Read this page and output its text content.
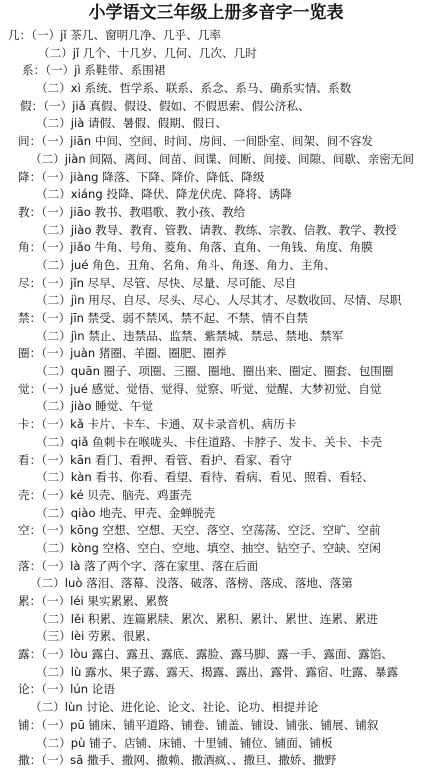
小学语文三年级上册多音字一览表
几：（一）jǐ 茶几、窗明几净、几乎、几率
（二）jǐ 几个、十几岁、几何、几次、几时
系：（一）jì 系鞋带、系围裙
（二）xì 系统、哲学系、联系、系念、系马、确系实情、系数
假：（一）jiǎ 真假、假设、假如、不假思索、假公济私、
（二）jià 请假、暑假、假期、假日、
间：（一）jiān 中间、空间、时间、房间、一间卧室、间架、间不容发
（二）jiàn 间隔、离间、间苗、间谍、间断、间接、间隙、间歇、亲密无间
降：（一）jiàng 降落、下降、降价、降低、降级
（二）xiáng 投降、降伏、降龙伏虎、降将、诱降
教：（一）jiāo 教书、教唱歌、教小孩、教给
（二）jiào 教导、教育、管教、请教、教练、宗教、信教、教学、教授
角：（一）jiǎo 牛角、号角、菱角、角落、直角、一角钱、角度、角膜
（二）jué 角色、丑角、名角、角斗、角逐、角力、主角、
尽：（一）jǐn 尽早、尽管、尽快、尽量、尽可能、尽自
（二）jìn 用尽、自尽、尽头、尽心、人尽其才、尽数收回、尽情、尽职
禁：（一）jīn 禁受、弱不禁风、禁不起、不禁、情不自禁
（二）jìn 禁止、违禁品、监禁、紫禁城、禁忌、禁地、禁军
圈：（一）juàn 猪圈、羊圈、圈肥、圈养
（二）quān 圈子、项圈、三圈、圈地、圈出来、圈定、圈套、包围圈
觉：（一）jué 感觉、觉悟、觉得、觉察、听觉、觉醒、大梦初觉、自觉
（二）jiào 睡觉、午觉
卡：（一）kǎ 卡片、卡车、卡通、双卡录音机、病历卡
（二）qiǎ 鱼刺卡在喉咙头、卡住道路、卡脖子、发卡、关卡、卡壳
看：（一）kān 看门、看押、看管、看护、看家、看守
（二）kàn 看书、你看、看望、看待、看病、看见、照看、看轻、
壳：（一）ké 贝壳、脑壳、鸡蛋壳
（二）qiào 地壳、甲壳、金蝉脱壳
空：（一）kōng 空想、空想、天空、落空、空荡荡、空泛、空旷、空前
（二）kòng 空格、空白、空地、填空、抽空、钻空子、空缺、空闲
落：（一）là 落了两个字、落在家里、落在后面
（二）luò 落泪、落幕、没落、破落、落榜、落成、落地、落第
累：（一）léi 果实累累、累赘
（二）lěi 积累、连篇累牍、累次、累积、累计、累世、连累、累进
（三）lèi 劳累、很累、
露：（一）lòu 露白、露丑、露底、露脸、露马脚、露一手、露面、露馅、
（二）lù 露水、果子露、露天、揭露、露出、露骨、露宿、吐露、暴露
论：（一）lún 论语
（二）lùn 讨论、进化论、论文、社论、论功、相提并论
铺：（一）pū 铺床、铺平道路、铺卷、铺盖、铺设、铺张、铺展、铺叙
（二）pù 铺子、店铺、床铺、十里铺、铺位、铺面、铺板
撒：（一）sā 撒手、撒网、撒赖、撒酒疯、、撒旦、撒娇、撒野
